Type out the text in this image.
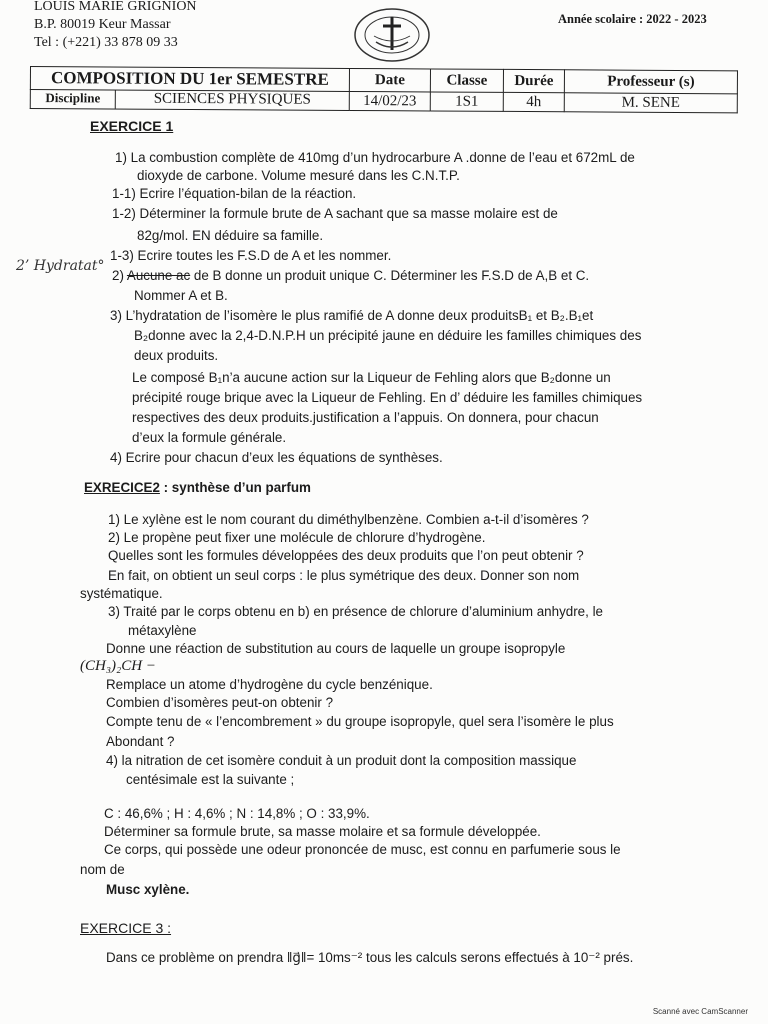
LOUIS MARIE GRIGNION
B.P. 80019 Keur Massar
Tel : (+221) 33 878 09 33
Année scolaire : 2022 - 2023
COMPOSITION DU 1er SEMESTRE	Date	Classe	Durée	Professeur (s)

Discipline SCIENCES PHYSIQUES	14/02/23	1S1	4h	M. SENE
EXERCICE 1
1) La combustion complète de 410mg d’un hydrocarbure A .donne de l’eau et 672mL de
dioxyde de carbone. Volume mesuré dans les C.N.T.P.
1-1) Ecrire l’équation-bilan de la réaction.
1-2) Déterminer la formule brute de A sachant que sa masse molaire est de
82g/mol. EN déduire sa famille.
1-3) Ecrire toutes les F.S.D de A et les nommer.
2’ Hydratat°
2) Aucune ac de B donne un produit unique C. Déterminer les F.S.D de A,B et C.
Nommer A et B.
3) L’hydratation de l’isomère le plus ramifié de A donne deux produitsB₁ et B₂.B₁et
B₂donne avec la 2,4-D.N.P.H un précipité jaune en déduire les familles chimiques des
deux produits.
Le composé B₁n’a aucune action sur la Liqueur de Fehling alors que B₂donne un
précipité rouge brique avec la Liqueur de Fehling. En d’ déduire les familles chimiques
respectives des deux produits.justification a l’appuis. On donnera, pour chacun
d’eux la formule générale.
4) Ecrire pour chacun d’eux les équations de synthèses.
EXRECICE2 : synthèse d’un parfum
1) Le xylène est le nom courant du diméthylbenzène. Combien a-t-il d’isomères ?
2) Le propène peut fixer une molécule de chlorure d’hydrogène.
Quelles sont les formules développées des deux produits que l’on peut obtenir ?
En fait, on obtient un seul corps : le plus symétrique des deux. Donner son nom
systématique.
3) Traité par le corps obtenu en b) en présence de chlorure d’aluminium anhydre, le
métaxylène
Donne une réaction de substitution au cours de laquelle un groupe isopropyle
(CH₃)₂CH −
Remplace un atome d’hydrogène du cycle benzénique.
Combien d’isomères peut-on obtenir ?
Compte tenu de « l’encombrement » du groupe isopropyle, quel sera l’isomère le plus
Abondant ?
4) la nitration de cet isomère conduit à un produit dont la composition massique
centésimale est la suivante ;
C : 46,6% ; H : 4,6% ; N : 14,8% ; O : 33,9%.
Déterminer sa formule brute, sa masse molaire et sa formule développée.
Ce corps, qui possède une odeur prononcée de musc, est connu en parfumerie sous le
nom de
Musc xylène.
EXERCICE 3 :
Dans ce problème on prendra ‖g⃗‖= 10ms⁻² tous les calculs serons effectués à 10⁻² prés.
Scanné avec CamScanner
